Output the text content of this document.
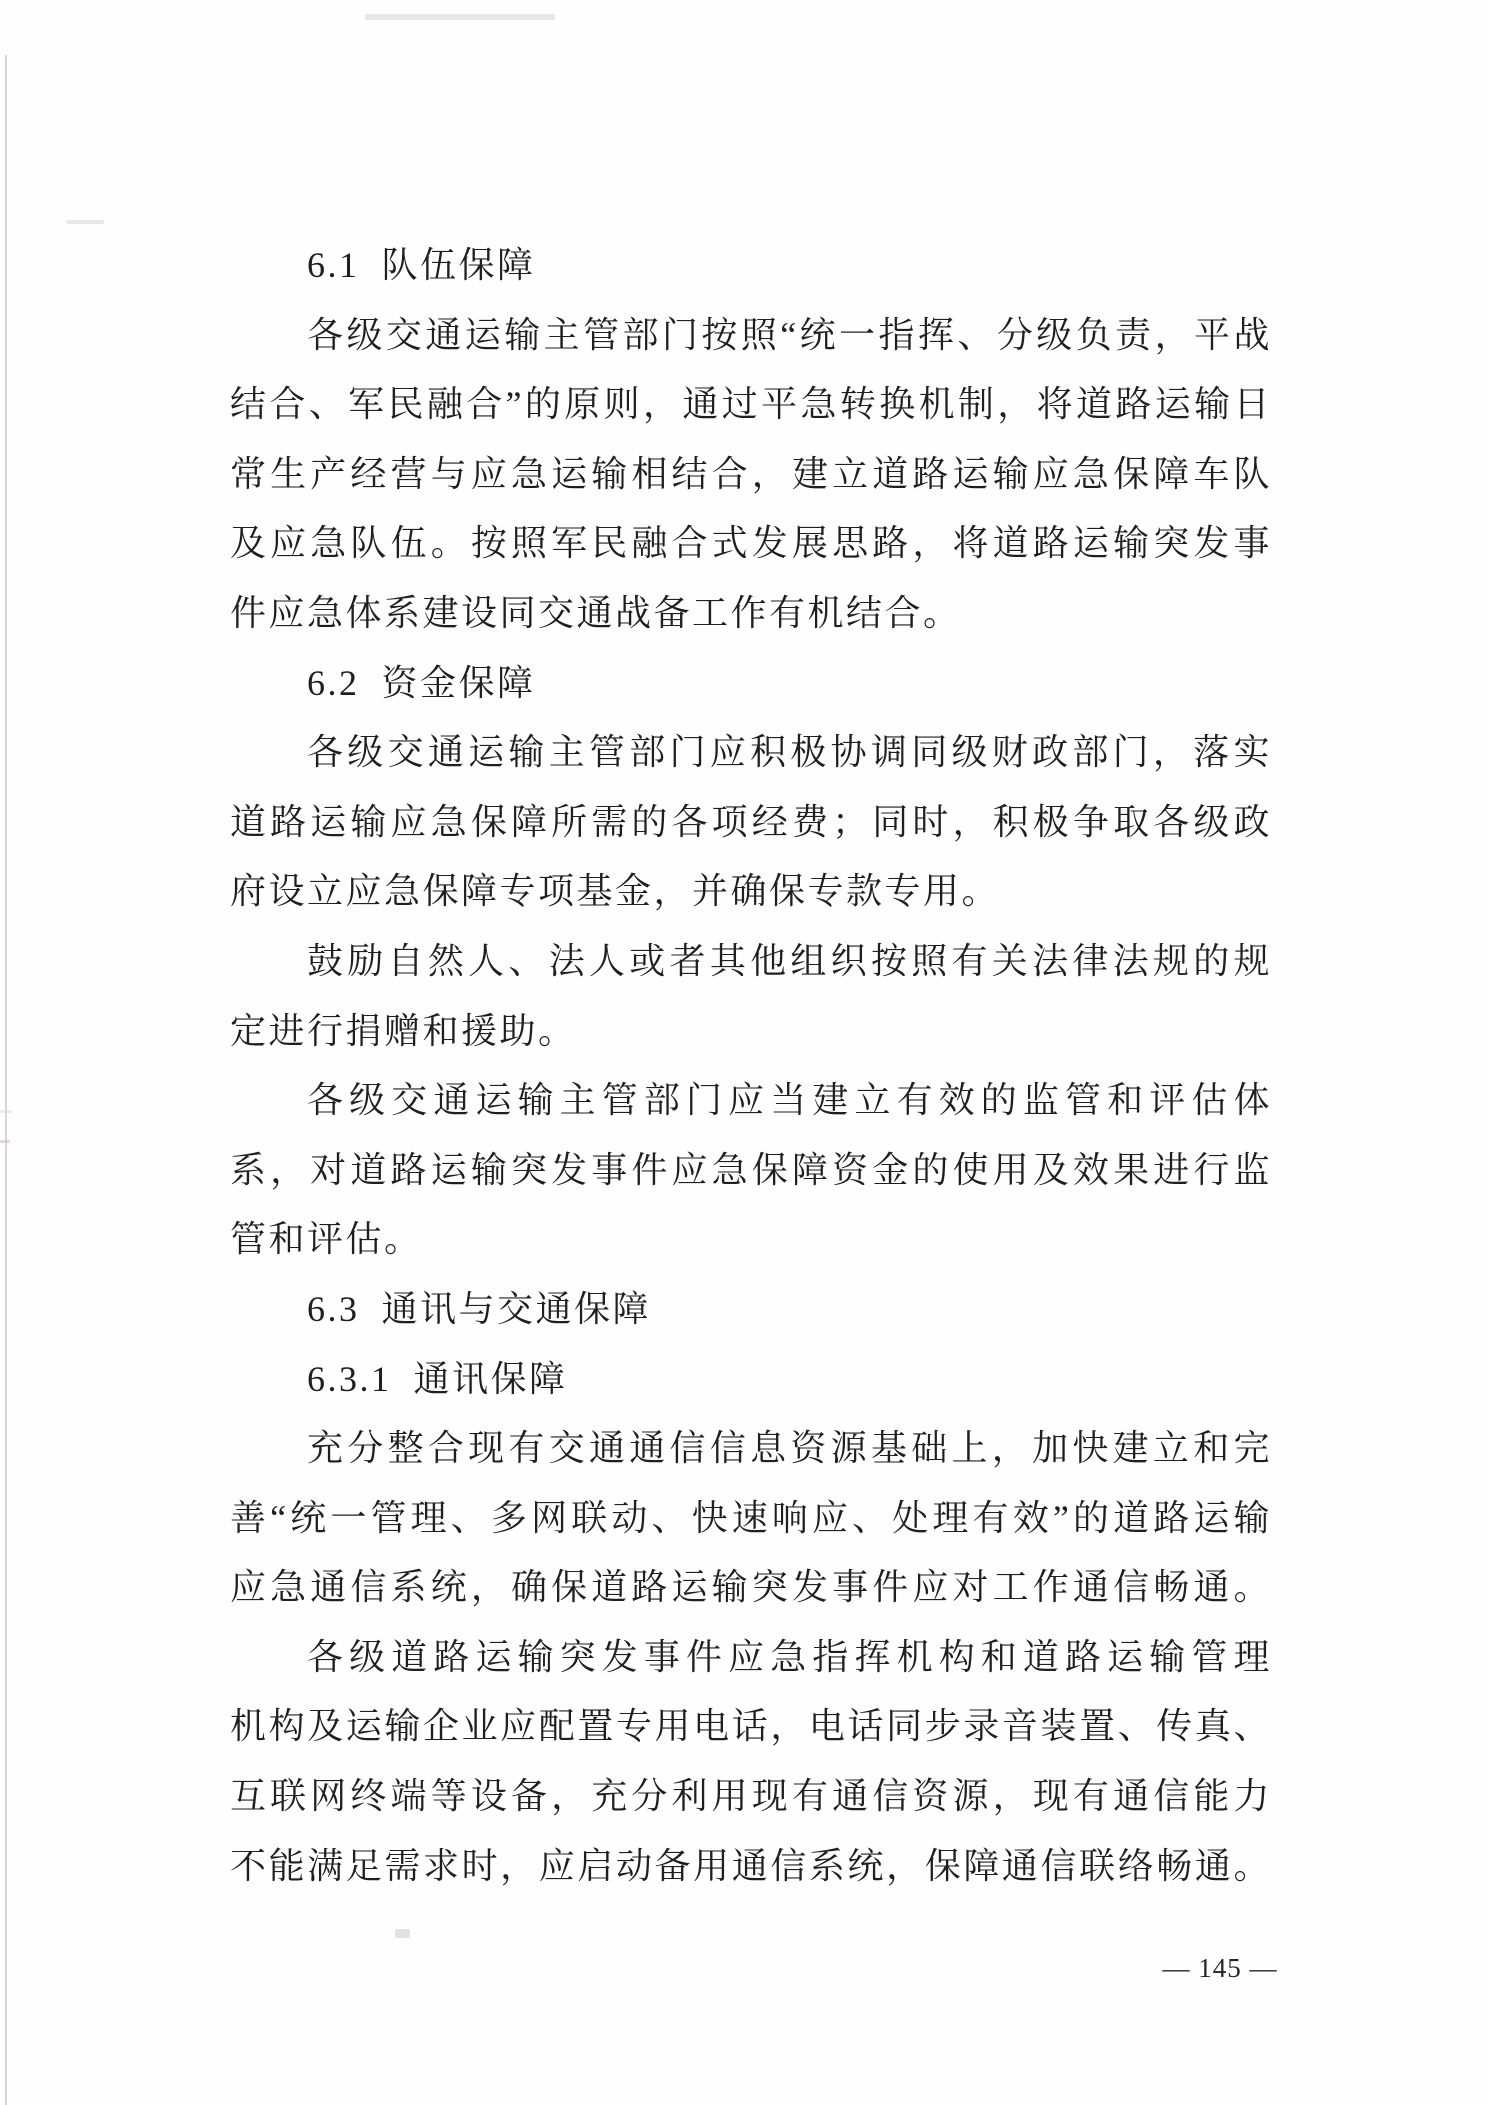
6.1 队伍保障
各级交通运输主管部门按照“统一指挥、分级负责，平战
结合、军民融合”的原则，通过平急转换机制，将道路运输日
常生产经营与应急运输相结合，建立道路运输应急保障车队
及应急队伍。按照军民融合式发展思路，将道路运输突发事
件应急体系建设同交通战备工作有机结合。
6.2 资金保障
各级交通运输主管部门应积极协调同级财政部门，落实
道路运输应急保障所需的各项经费；同时，积极争取各级政
府设立应急保障专项基金，并确保专款专用。
鼓励自然人、法人或者其他组织按照有关法律法规的规
定进行捐赠和援助。
各级交通运输主管部门应当建立有效的监管和评估体
系，对道路运输突发事件应急保障资金的使用及效果进行监
管和评估。
6.3 通讯与交通保障
6.3.1 通讯保障
充分整合现有交通通信信息资源基础上，加快建立和完
善“统一管理、多网联动、快速响应、处理有效”的道路运输
应急通信系统，确保道路运输突发事件应对工作通信畅通。
各级道路运输突发事件应急指挥机构和道路运输管理
机构及运输企业应配置专用电话，电话同步录音装置、传真、
互联网终端等设备，充分利用现有通信资源，现有通信能力
不能满足需求时，应启动备用通信系统，保障通信联络畅通。
— 145 —
